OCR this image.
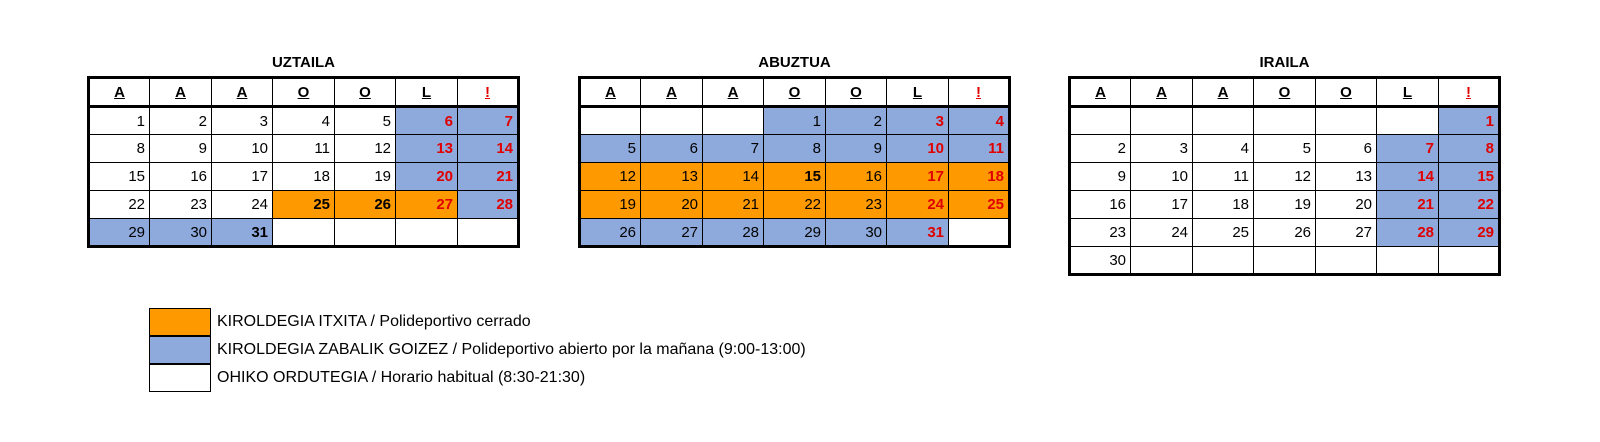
UZTAILA
A	A	A	O	O	L	!
1	2	3	4	5	6	7
8	9	10	11	12	13	14
15	16	17	18	19	20	21
22	23	24	25	26	27	28
29	30	31				
ABUZTUA
A	A	A	O	O	L	!
			1	2	3	4
5	6	7	8	9	10	11
12	13	14	15	16	17	18
19	20	21	22	23	24	25
26	27	28	29	30	31	
IRAILA
A	A	A	O	O	L	!
						1
2	3	4	5	6	7	8
9	10	11	12	13	14	15
16	17	18	19	20	21	22
23	24	25	26	27	28	29
30						
KIROLDEGIA ITXITA / Polideportivo cerrado
KIROLDEGIA ZABALIK GOIZEZ / Polideportivo abierto por la mañana (9:00-13:00)
OHIKO ORDUTEGIA / Horario habitual (8:30-21:30)
